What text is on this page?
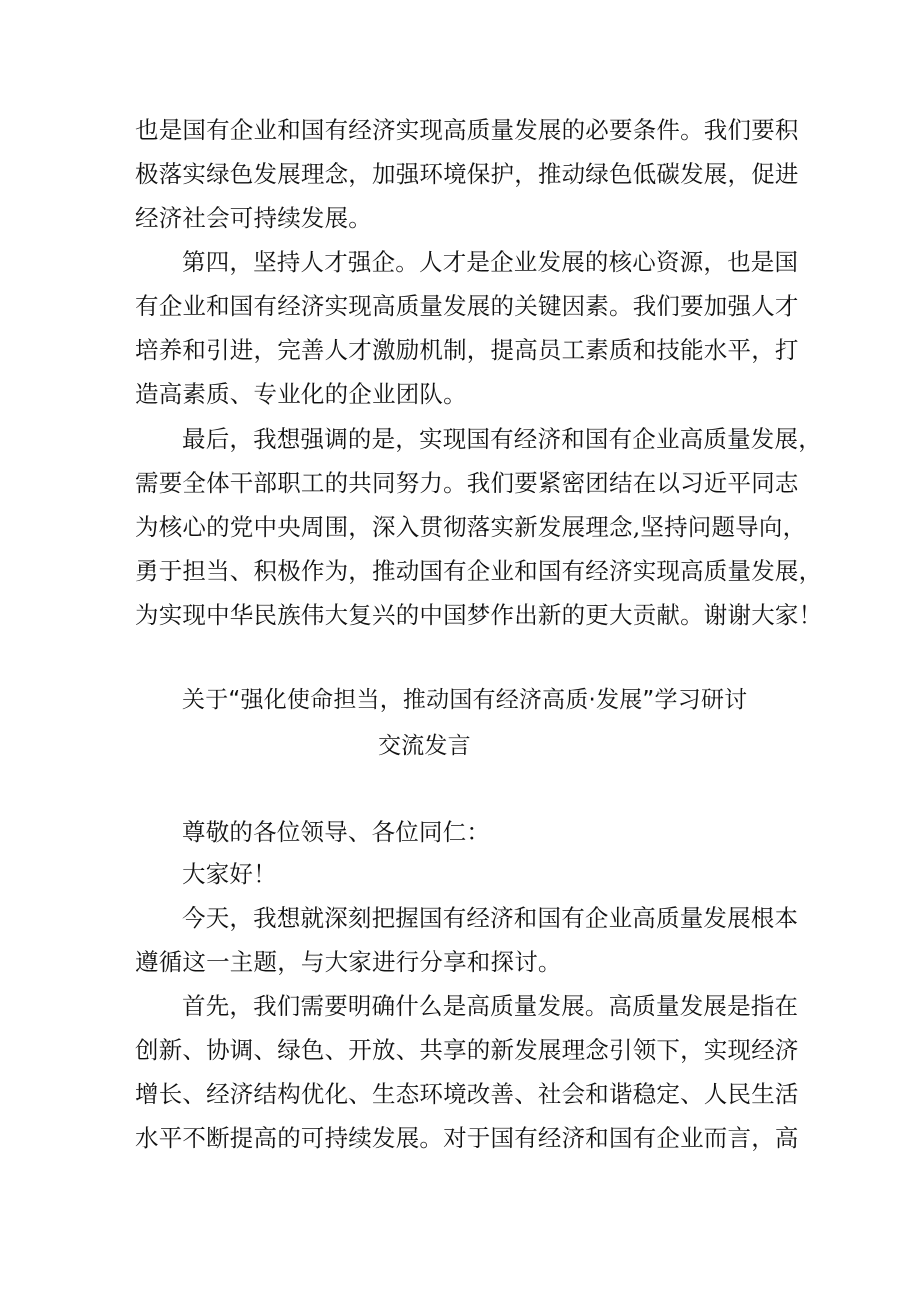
也是国有企业和国有经济实现高质量发展的必要条件。我们要积
极落实绿色发展理念，加强环境保护，推动绿色低碳发展，促进
经济社会可持续发展。
第四，坚持人才强企。人才是企业发展的核心资源，也是国
有企业和国有经济实现高质量发展的关键因素。我们要加强人才
培养和引进，完善人才激励机制，提高员工素质和技能水平，打
造高素质、专业化的企业团队。
最后，我想强调的是，实现国有经济和国有企业高质量发展，
需要全体干部职工的共同努力。我们要紧密团结在以习近平同志
为核心的党中央周围，深入贯彻落实新发展理念,坚持问题导向，
勇于担当、积极作为，推动国有企业和国有经济实现高质量发展，
为实现中华民族伟大复兴的中国梦作出新的更大贡献。谢谢大家！
关于“强化使命担当，推动国有经济高质·发展”学习研讨
交流发言
尊敬的各位领导、各位同仁：
大家好！
今天，我想就深刻把握国有经济和国有企业高质量发展根本
遵循这一主题，与大家进行分享和探讨。
首先，我们需要明确什么是高质量发展。高质量发展是指在
创新、协调、绿色、开放、共享的新发展理念引领下，实现经济
增长、经济结构优化、生态环境改善、社会和谐稳定、人民生活
水平不断提高的可持续发展。对于国有经济和国有企业而言，高
